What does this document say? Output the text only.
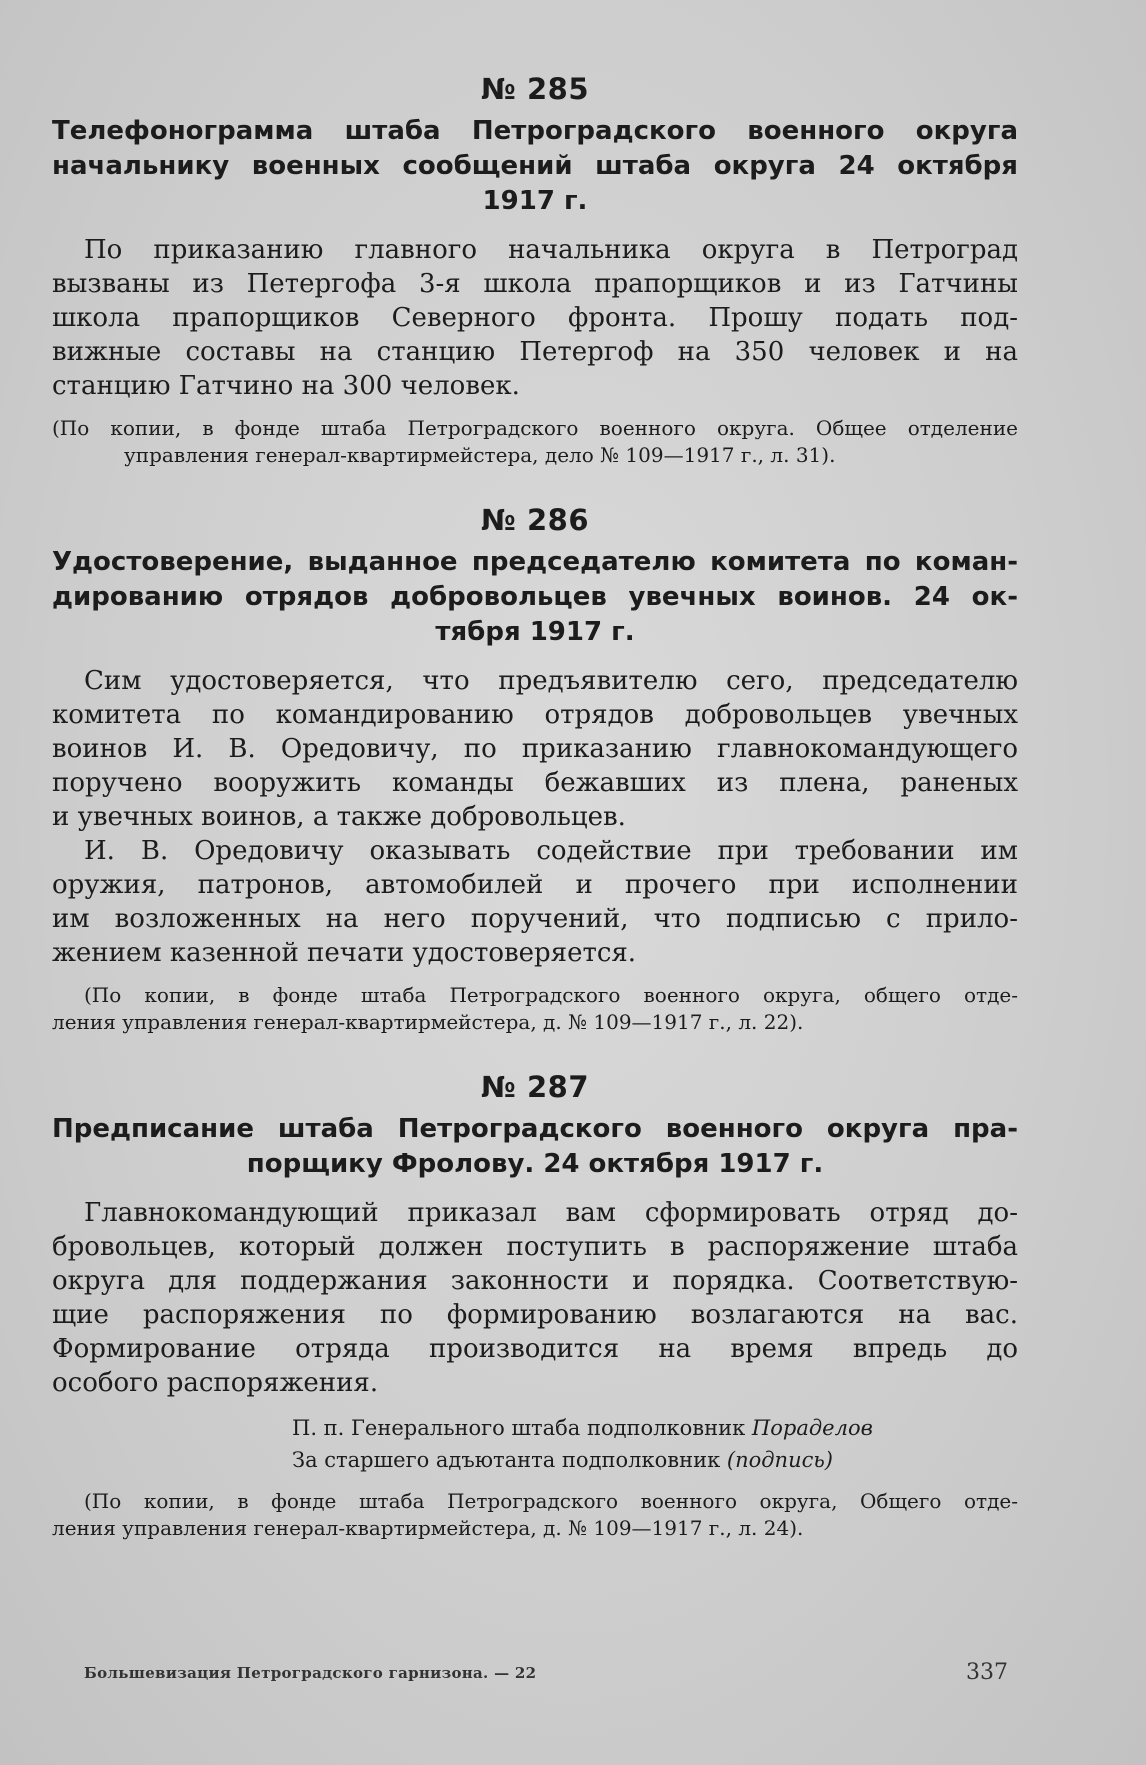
№ 285
Телефонограмма штаба Петроградского военного округа
начальнику военных сообщений штаба округа 24 октября
1917 г.
По приказанию главного начальника округа в Петроград
вызваны из Петергофа 3-я школа прапорщиков и из Гатчины
школа прапорщиков Северного фронта. Прошу подать под-
вижные составы на станцию Петергоф на 350 человек и на
станцию Гатчино на 300 человек.
(По копии, в фонде штаба Петроградского военного округа. Общее отделение
управления генерал-квартирмейстера, дело № 109—1917 г., л. 31).
№ 286
Удостоверение, выданное председателю комитета по коман-
дированию отрядов добровольцев увечных воинов. 24 ок-
тября 1917 г.
Сим удостоверяется, что предъявителю сего, председателю
комитета по командированию отрядов добровольцев увечных
воинов И. В. Оредовичу, по приказанию главнокомандующего
поручено вооружить команды бежавших из плена, раненых
и увечных воинов, а также добровольцев.
И. В. Оредовичу оказывать содействие при требовании им
оружия, патронов, автомобилей и прочего при исполнении
им возложенных на него поручений, что подписью с прило-
жением казенной печати удостоверяется.
(По копии, в фонде штаба Петроградского военного округа, общего отде-
ления управления генерал-квартирмейстера, д. № 109—1917 г., л. 22).
№ 287
Предписание штаба Петроградского военного округа пра-
порщику Фролову. 24 октября 1917 г.
Главнокомандующий приказал вам сформировать отряд до-
бровольцев, который должен поступить в распоряжение штаба
округа для поддержания законности и порядка. Соответствую-
щие распоряжения по формированию возлагаются на вас.
Формирование отряда производится на время впредь до
особого распоряжения.
П. п. Генерального штаба подполковник Пораделов
За старшего адъютанта подполковник (подпись)
(По копии, в фонде штаба Петроградского военного округа, Общего отде-
ления управления генерал-квартирмейстера, д. № 109—1917 г., л. 24).
Большевизация Петроградского гарнизона. — 22	337
